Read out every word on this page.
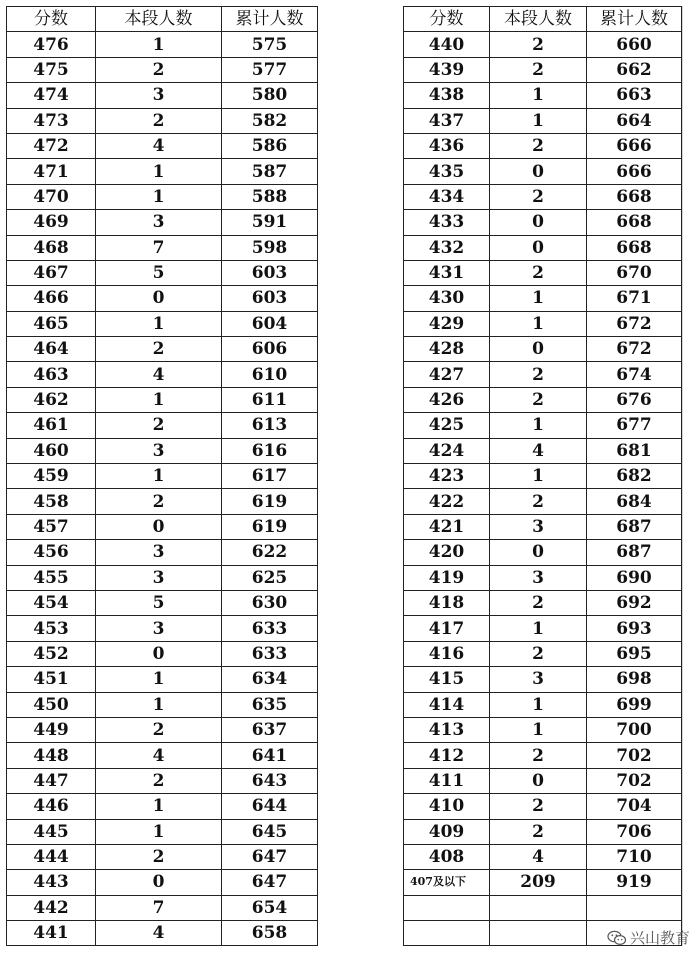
分数	本段人数	累计人数
476	1	575
475	2	577
474	3	580
473	2	582
472	4	586
471	1	587
470	1	588
469	3	591
468	7	598
467	5	603
466	0	603
465	1	604
464	2	606
463	4	610
462	1	611
461	2	613
460	3	616
459	1	617
458	2	619
457	0	619
456	3	622
455	3	625
454	5	630
453	3	633
452	0	633
451	1	634
450	1	635
449	2	637
448	4	641
447	2	643
446	1	644
445	1	645
444	2	647
443	0	647
442	7	654
441	4	658
分数	本段人数	累计人数
440	2	660
439	2	662
438	1	663
437	1	664
436	2	666
435	0	666
434	2	668
433	0	668
432	0	668
431	2	670
430	1	671
429	1	672
428	0	672
427	2	674
426	2	676
425	1	677
424	4	681
423	1	682
422	2	684
421	3	687
420	0	687
419	3	690
418	2	692
417	1	693
416	2	695
415	3	698
414	1	699
413	1	700
412	2	702
411	0	702
410	2	704
409	2	706
408	4	710
407及以下	209	919

兴山教育
